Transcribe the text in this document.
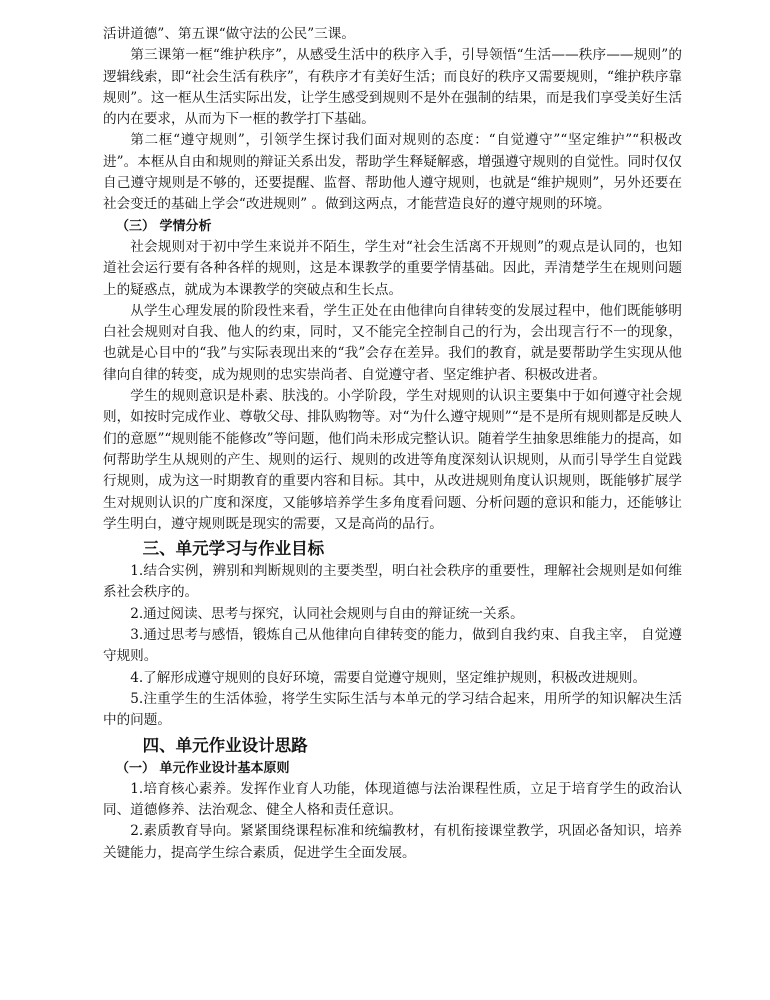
活讲道德”、第五课“做守法的公民”三课。

第三课第一框“维护秩序”，从感受生活中的秩序入手，引导领悟“生活——秩序——规则”的逻辑线索，即“社会生活有秩序”，有秩序才有美好生活；而良好的秩序又需要规则，“维护秩序靠规则”。这一框从生活实际出发，让学生感受到规则不是外在强制的结果，而是我们享受美好生活的内在要求，从而为下一框的教学打下基础。

第二框“遵守规则”，引领学生探讨我们面对规则的态度：“自觉遵守”“坚定维护”“积极改进”。本框从自由和规则的辩证关系出发，帮助学生释疑解惑，增强遵守规则的自觉性。同时仅仅自己遵守规则是不够的，还要提醒、监督、帮助他人遵守规则，也就是“维护规则”，另外还要在社会变迁的基础上学会“改进规则” 。做到这两点，才能营造良好的遵守规则的环境。

（三） 学情分析

社会规则对于初中学生来说并不陌生，学生对“社会生活离不开规则”的观点是认同的，也知道社会运行要有各种各样的规则，这是本课教学的重要学情基础。因此，弄清楚学生在规则问题上的疑惑点，就成为本课教学的突破点和生长点。

从学生心理发展的阶段性来看，学生正处在由他律向自律转变的发展过程中，他们既能够明白社会规则对自我、他人的约束，同时，又不能完全控制自己的行为，会出现言行不一的现象，也就是心目中的“我”与实际表现出来的“我”会存在差异。我们的教育，就是要帮助学生实现从他律向自律的转变，成为规则的忠实崇尚者、自觉遵守者、坚定维护者、积极改进者。

学生的规则意识是朴素、肤浅的。小学阶段，学生对规则的认识主要集中于如何遵守社会规则，如按时完成作业、尊敬父母、排队购物等。对“为什么遵守规则”“是不是所有规则都是反映人们的意愿”“规则能不能修改”等问题，他们尚未形成完整认识。随着学生抽象思维能力的提高，如何帮助学生从规则的产生、规则的运行、规则的改进等角度深刻认识规则，从而引导学生自觉践行规则，成为这一时期教育的重要内容和目标。其中，从改进规则角度认识规则，既能够扩展学生对规则认识的广度和深度，又能够培养学生多角度看问题、分析问题的意识和能力，还能够让学生明白，遵守规则既是现实的需要，又是高尚的品行。

三、单元学习与作业目标

1.结合实例，辨别和判断规则的主要类型，明白社会秩序的重要性，理解社会规则是如何维系社会秩序的。

2.通过阅读、思考与探究，认同社会规则与自由的辩证统一关系。

3.通过思考与感悟，锻炼自己从他律向自律转变的能力，做到自我约束、自我主宰， 自觉遵守规则。

4.了解形成遵守规则的良好环境，需要自觉遵守规则，坚定维护规则，积极改进规则。

5.注重学生的生活体验，将学生实际生活与本单元的学习结合起来，用所学的知识解决生活中的问题。

四、单元作业设计思路

（一） 单元作业设计基本原则

1.培育核心素养。发挥作业育人功能，体现道德与法治课程性质，立足于培育学生的政治认同、道德修养、法治观念、健全人格和责任意识。

2.素质教育导向。紧紧围绕课程标准和统编教材，有机衔接课堂教学，巩固必备知识，培养关键能力，提高学生综合素质，促进学生全面发展。
